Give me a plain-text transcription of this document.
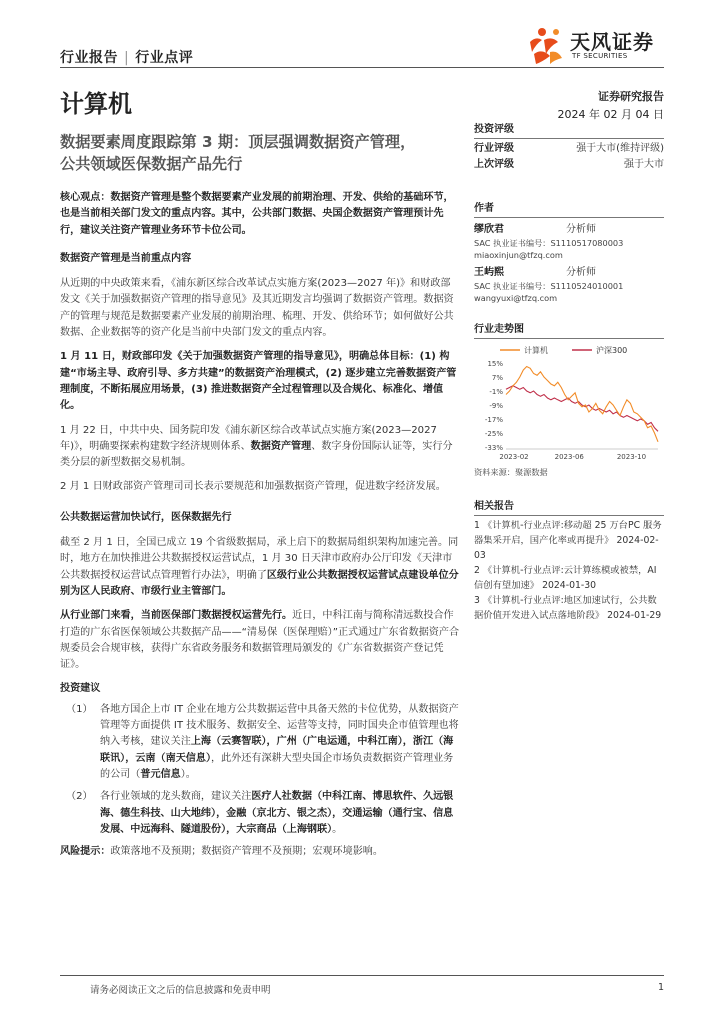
行业报告 | 行业点评
天风证券
TF SECURITIES
计算机	证券研究报告
2024 年 02 月 04 日
数据要素周度跟踪第 3 期：顶层强调数据资产管理，
公共领域医保数据产品先行

核心观点：数据资产管理是整个数据要素产业发展的前期治理、开发、供给的基础环节，也是当前相关部门发文的重点内容。其中，公共部门数据、央国企数据资产管理预计先行，建议关注资产管理业务环节卡位公司。

数据资产管理是当前重点内容

从近期的中央政策来看，《浦东新区综合改革试点实施方案(2023—2027 年)》和财政部发文《关于加强数据资产管理的指导意见》及其近期发言均强调了数据资产管理。数据资产的管理与规范是数据要素产业发展的前期治理、梳理、开发、供给环节；如何做好公共数据、企业数据等的资产化是当前中央部门发文的重点内容。

1 月 11 日，财政部印发《关于加强数据资产管理的指导意见》，明确总体目标：(1) 构建“市场主导、政府引导、多方共建”的数据资产治理模式，(2) 逐步建立完善数据资产管理制度，不断拓展应用场景，(3) 推进数据资产全过程管理以及合规化、标准化、增值化。

1 月 22 日，中共中央、国务院印发《浦东新区综合改革试点实施方案(2023—2027 年)》，明确要探索构建数字经济规则体系、数据资产管理、数字身份国际认证等，实行分类分层的新型数据交易机制。

2 月 1 日财政部资产管理司司长表示要规范和加强数据资产管理，促进数字经济发展。

公共数据运营加快试行，医保数据先行

截至 2 月 1 日，全国已成立 19 个省级数据局，承上启下的数据局组织架构加速完善。同时，地方在加快推进公共数据授权运营试点，1 月 30 日天津市政府办公厅印发《天津市公共数据授权运营试点管理暂行办法》，明确了区级行业公共数据授权运营试点建设单位分别为区人民政府、市级行业主管部门。

从行业部门来看，当前医保部门数据授权运营先行。近日，中科江南与简称清远数投合作打造的广东省医保领域公共数据产品——“清易保（医保理赔）”正式通过广东省数据资产合规委员会合规审核，获得广东省政务服务和数据管理局颁发的《广东省数据资产登记凭证》。

投资建议

（1） 各地方国企上市 IT 企业在地方公共数据运营中具备天然的卡位优势，从数据资产管理等方面提供 IT 技术服务、数据安全、运营等支持，同时国央企市值管理也将纳入考核，建议关注上海（云赛智联），广州（广电运通，中科江南），浙江（海联讯），云南（南天信息），此外还有深耕大型央国企市场负责数据资产管理业务的公司（普元信息）。
（2） 各行业领域的龙头数商，建议关注医疗人社数据（中科江南、博思软件、久远银海、德生科技、山大地纬），金融（京北方、银之杰），交通运输（通行宝、信息发展、中远海科、隧道股份），大宗商品（上海钢联）。

风险提示：政策落地不及预期；数据资产管理不及预期；宏观环境影响。

投资评级
行业评级	强于大市(维持评级)
上次评级	强于大市
作者
缪欣君	分析师
SAC 执业证书编号：S1110517080003
miaoxinjun@tfzq.com
王屿熙	分析师
SAC 执业证书编号：S1110524010001
wangyuxi@tfzq.com
行业走势图
计算机	沪深300
15%
7%
-1%
-9%
-17%
-25%
-33%
2023-02	2023-06	2023-10
资料来源：聚源数据
相关报告
1 《计算机-行业点评:移动超 25 万台PC 服务器集采开启，国产化率或再提升》 2024-02-03
2 《计算机-行业点评:云计算练模或被禁，AI 信创有望加速》 2024-01-30
3 《计算机-行业点评:地区加速试行，公共数据价值开发进入试点落地阶段》 2024-01-29
请务必阅读正文之后的信息披露和免责申明	1
